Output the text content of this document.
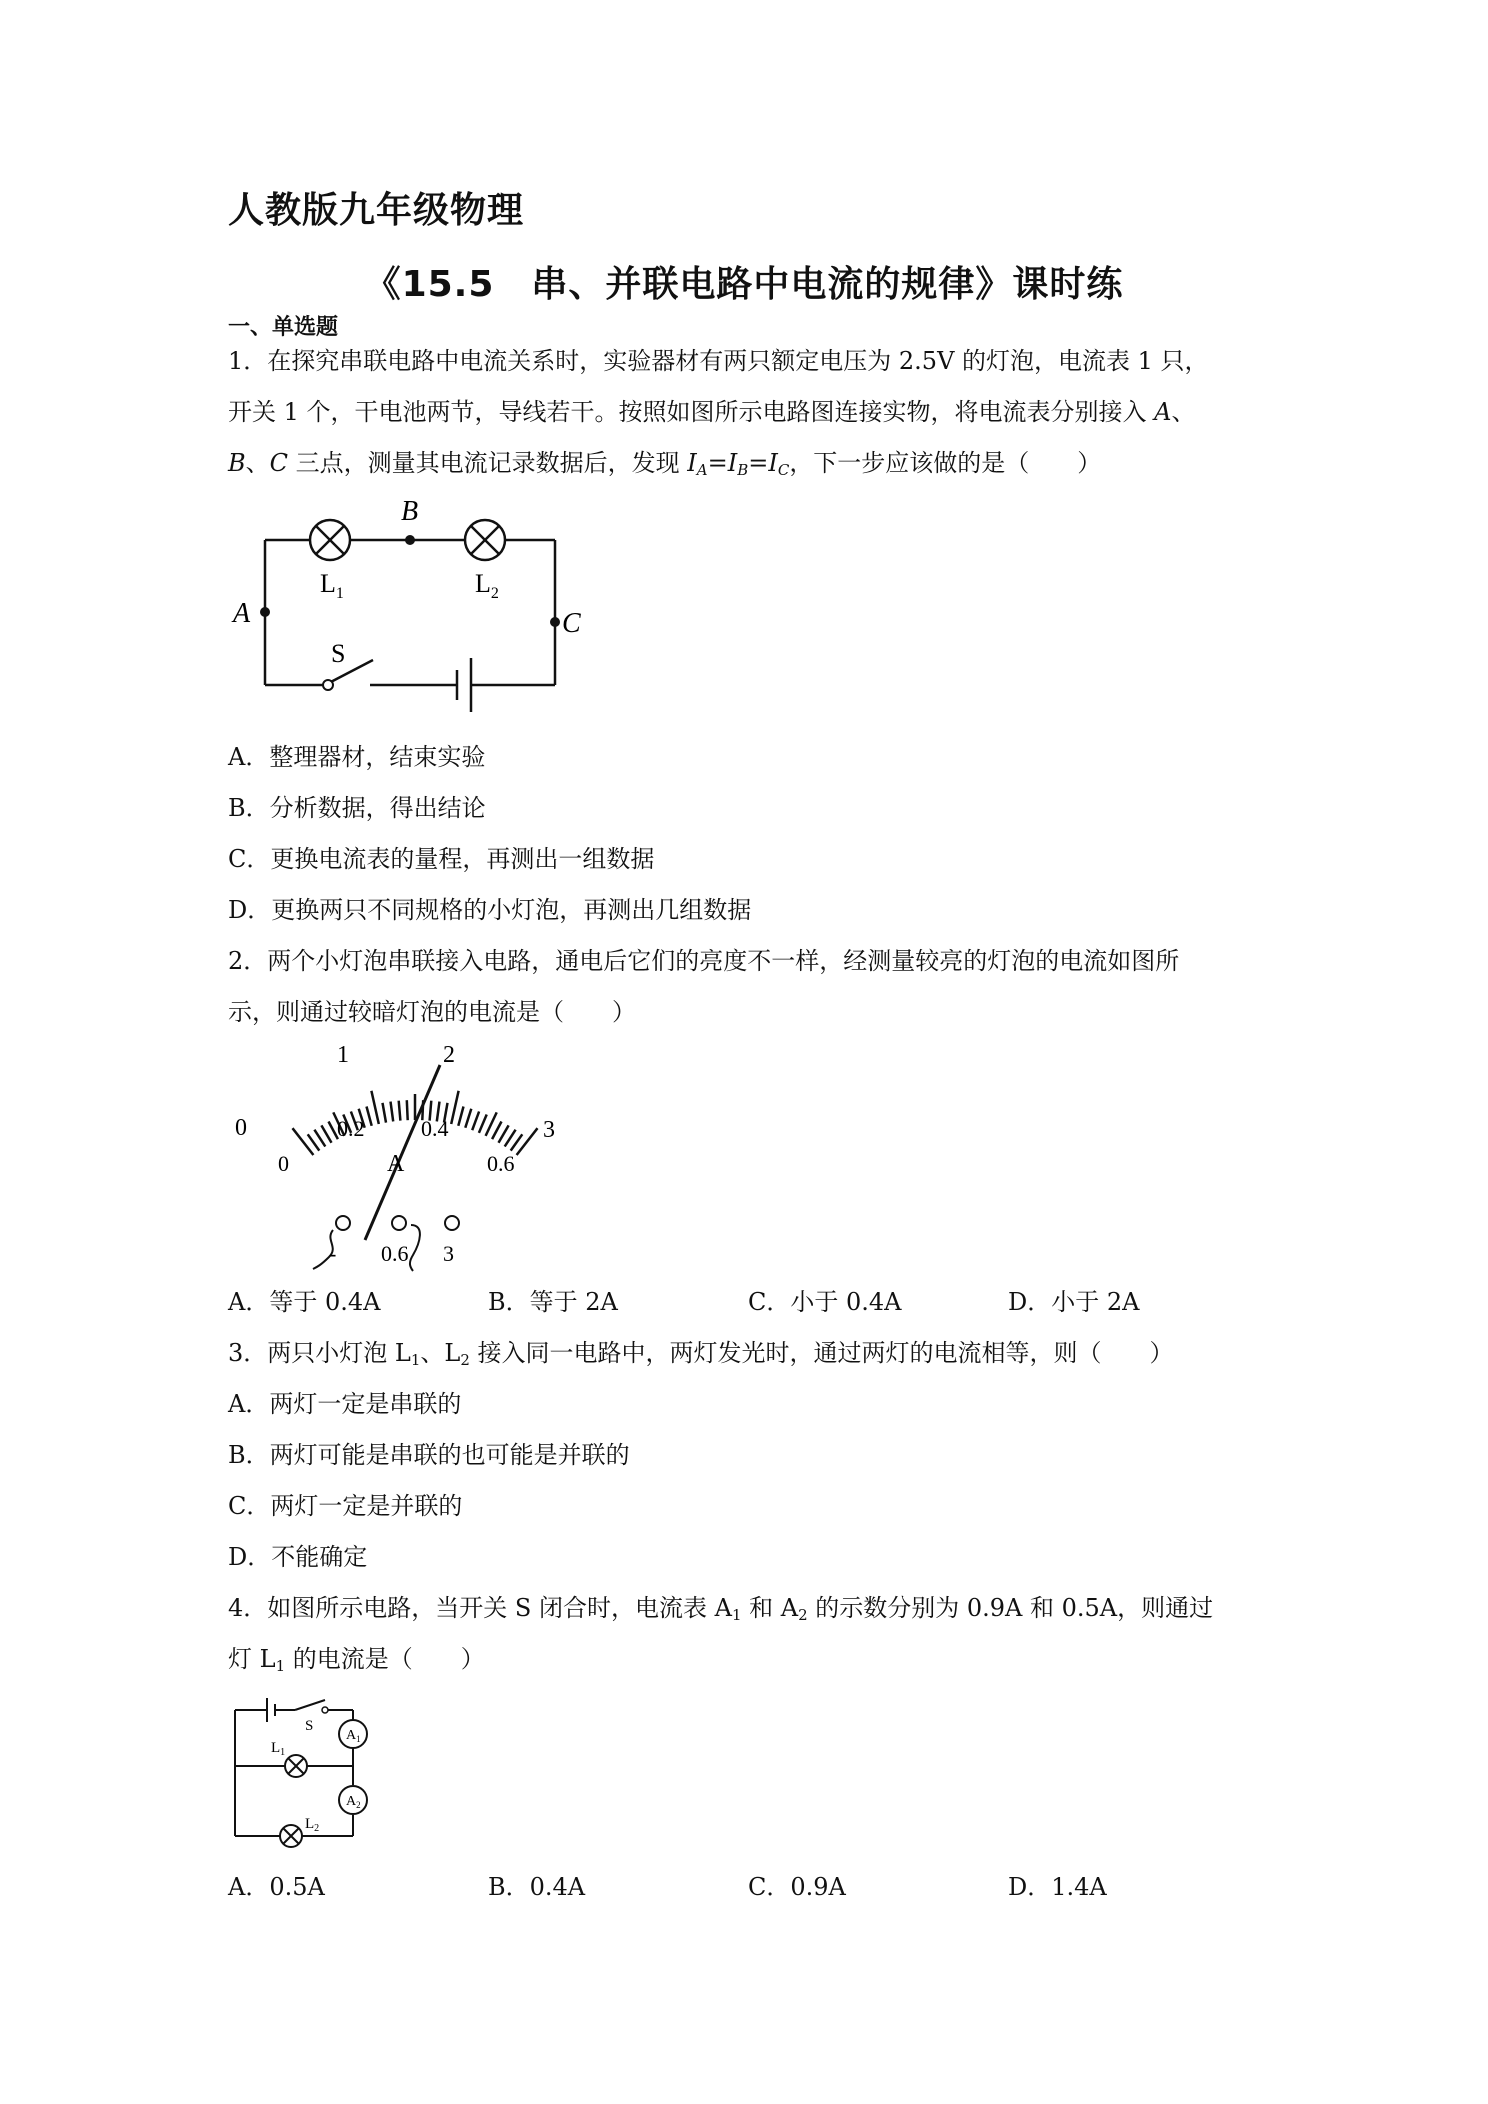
人教版九年级物理
《15.5　串、并联电路中电流的规律》课时练
一、单选题
1．在探究串联电路中电流关系时，实验器材有两只额定电压为 2.5V 的灯泡，电流表 1 只，
开关 1 个，干电池两节，导线若干。按照如图所示电路图连接实物，将电流表分别接入 A、
B、C 三点，测量其电流记录数据后，发现 $I_A=I_B=I_C$，下一步应该做的是（　　）
B
A	C
S
$L_1$	$L_2$
A．整理器材，结束实验
B．分析数据，得出结论
C．更换电流表的量程，再测出一组数据
D．更换两只不同规格的小灯泡，再测出几组数据
2．两个小灯泡串联接入电路，通电后它们的亮度不一样，经测量较亮的灯泡的电流如图所
示，则通过较暗灯泡的电流是（　　）
0
1	2
3
0
0.2	0.4
0.6
A
- 0.6 3
A．等于 0.4A	B．等于 2A	C．小于 0.4A	D．小于 2A
3．两只小灯泡 $L_1$、$L_2$ 接入同一电路中，两灯发光时，通过两灯的电流相等，则（　　）
A．两灯一定是串联的
B．两灯可能是串联的也可能是并联的
C．两灯一定是并联的
D．不能确定
4．如图所示电路，当开关 S 闭合时，电流表 $A_1$ 和 $A_2$ 的示数分别为 0.9A 和 0.5A，则通过
灯 $L_1$ 的电流是（　　）
S
$L_1$
$L_2$
$A_1$
$A_2$
A．0.5A	B．0.4A	C．0.9A	D．1.4A
